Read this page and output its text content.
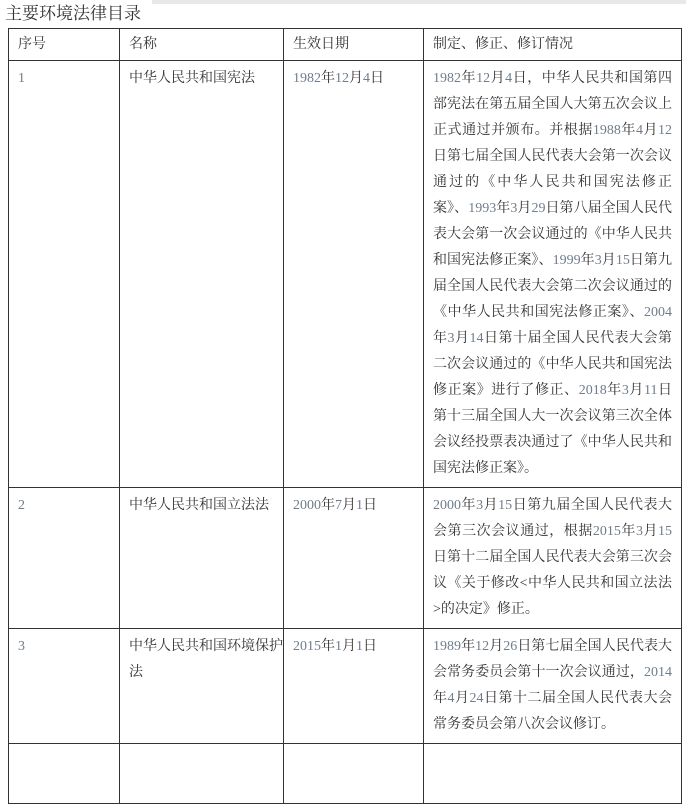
主要环境法律目录
序号	名称	生效日期	制定、修正、修订情况
1	中华人民共和国宪法	1982年12月4日	1982年12月4日，中华人民共和国第四部宪法在第五届全国人大第五次会议上正式通过并颁布。并根据1988年4月12日第七届全国人民代表大会第一次会议通过的《中华人民共和国宪法修正案》、1993年3月29日第八届全国人民代表大会第一次会议通过的《中华人民共和国宪法修正案》、1999年3月15日第九届全国人民代表大会第二次会议通过的《中华人民共和国宪法修正案》、2004年3月14日第十届全国人民代表大会第二次会议通过的《中华人民共和国宪法修正案》进行了修正、2018年3月11日第十三届全国人大一次会议第三次全体会议经投票表决通过了《中华人民共和国宪法修正案》。
2	中华人民共和国立法法	2000年7月1日	2000年3月15日第九届全国人民代表大会第三次会议通过，根据2015年3月15日第十二届全国人民代表大会第三次会议《关于修改<中华人民共和国立法法>的决定》修正。
3	中华人民共和国环境保护法	2015年1月1日	1989年12月26日第七届全国人民代表大会常务委员会第十一次会议通过，2014年4月24日第十二届全国人民代表大会常务委员会第八次会议修订。
